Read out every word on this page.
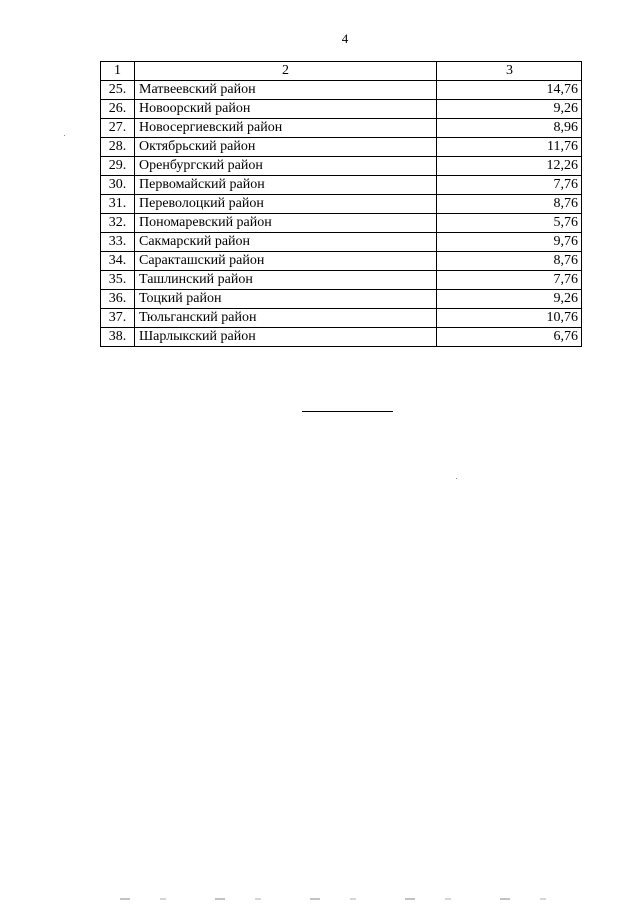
4
1	2	3
25.	Матвеевский район	14,76
26.	Новоорский район	9,26
27.	Новосергиевский район	8,96
28.	Октябрьский район	11,76
29.	Оренбургский район	12,26
30.	Первомайский район	7,76
31.	Переволоцкий район	8,76
32.	Пономаревский район	5,76
33.	Сакмарский район	9,76
34.	Саракташский район	8,76
35.	Ташлинский район	7,76
36.	Тоцкий район	9,26
37.	Тюльганский район	10,76
38.	Шарлыкский район	6,76
